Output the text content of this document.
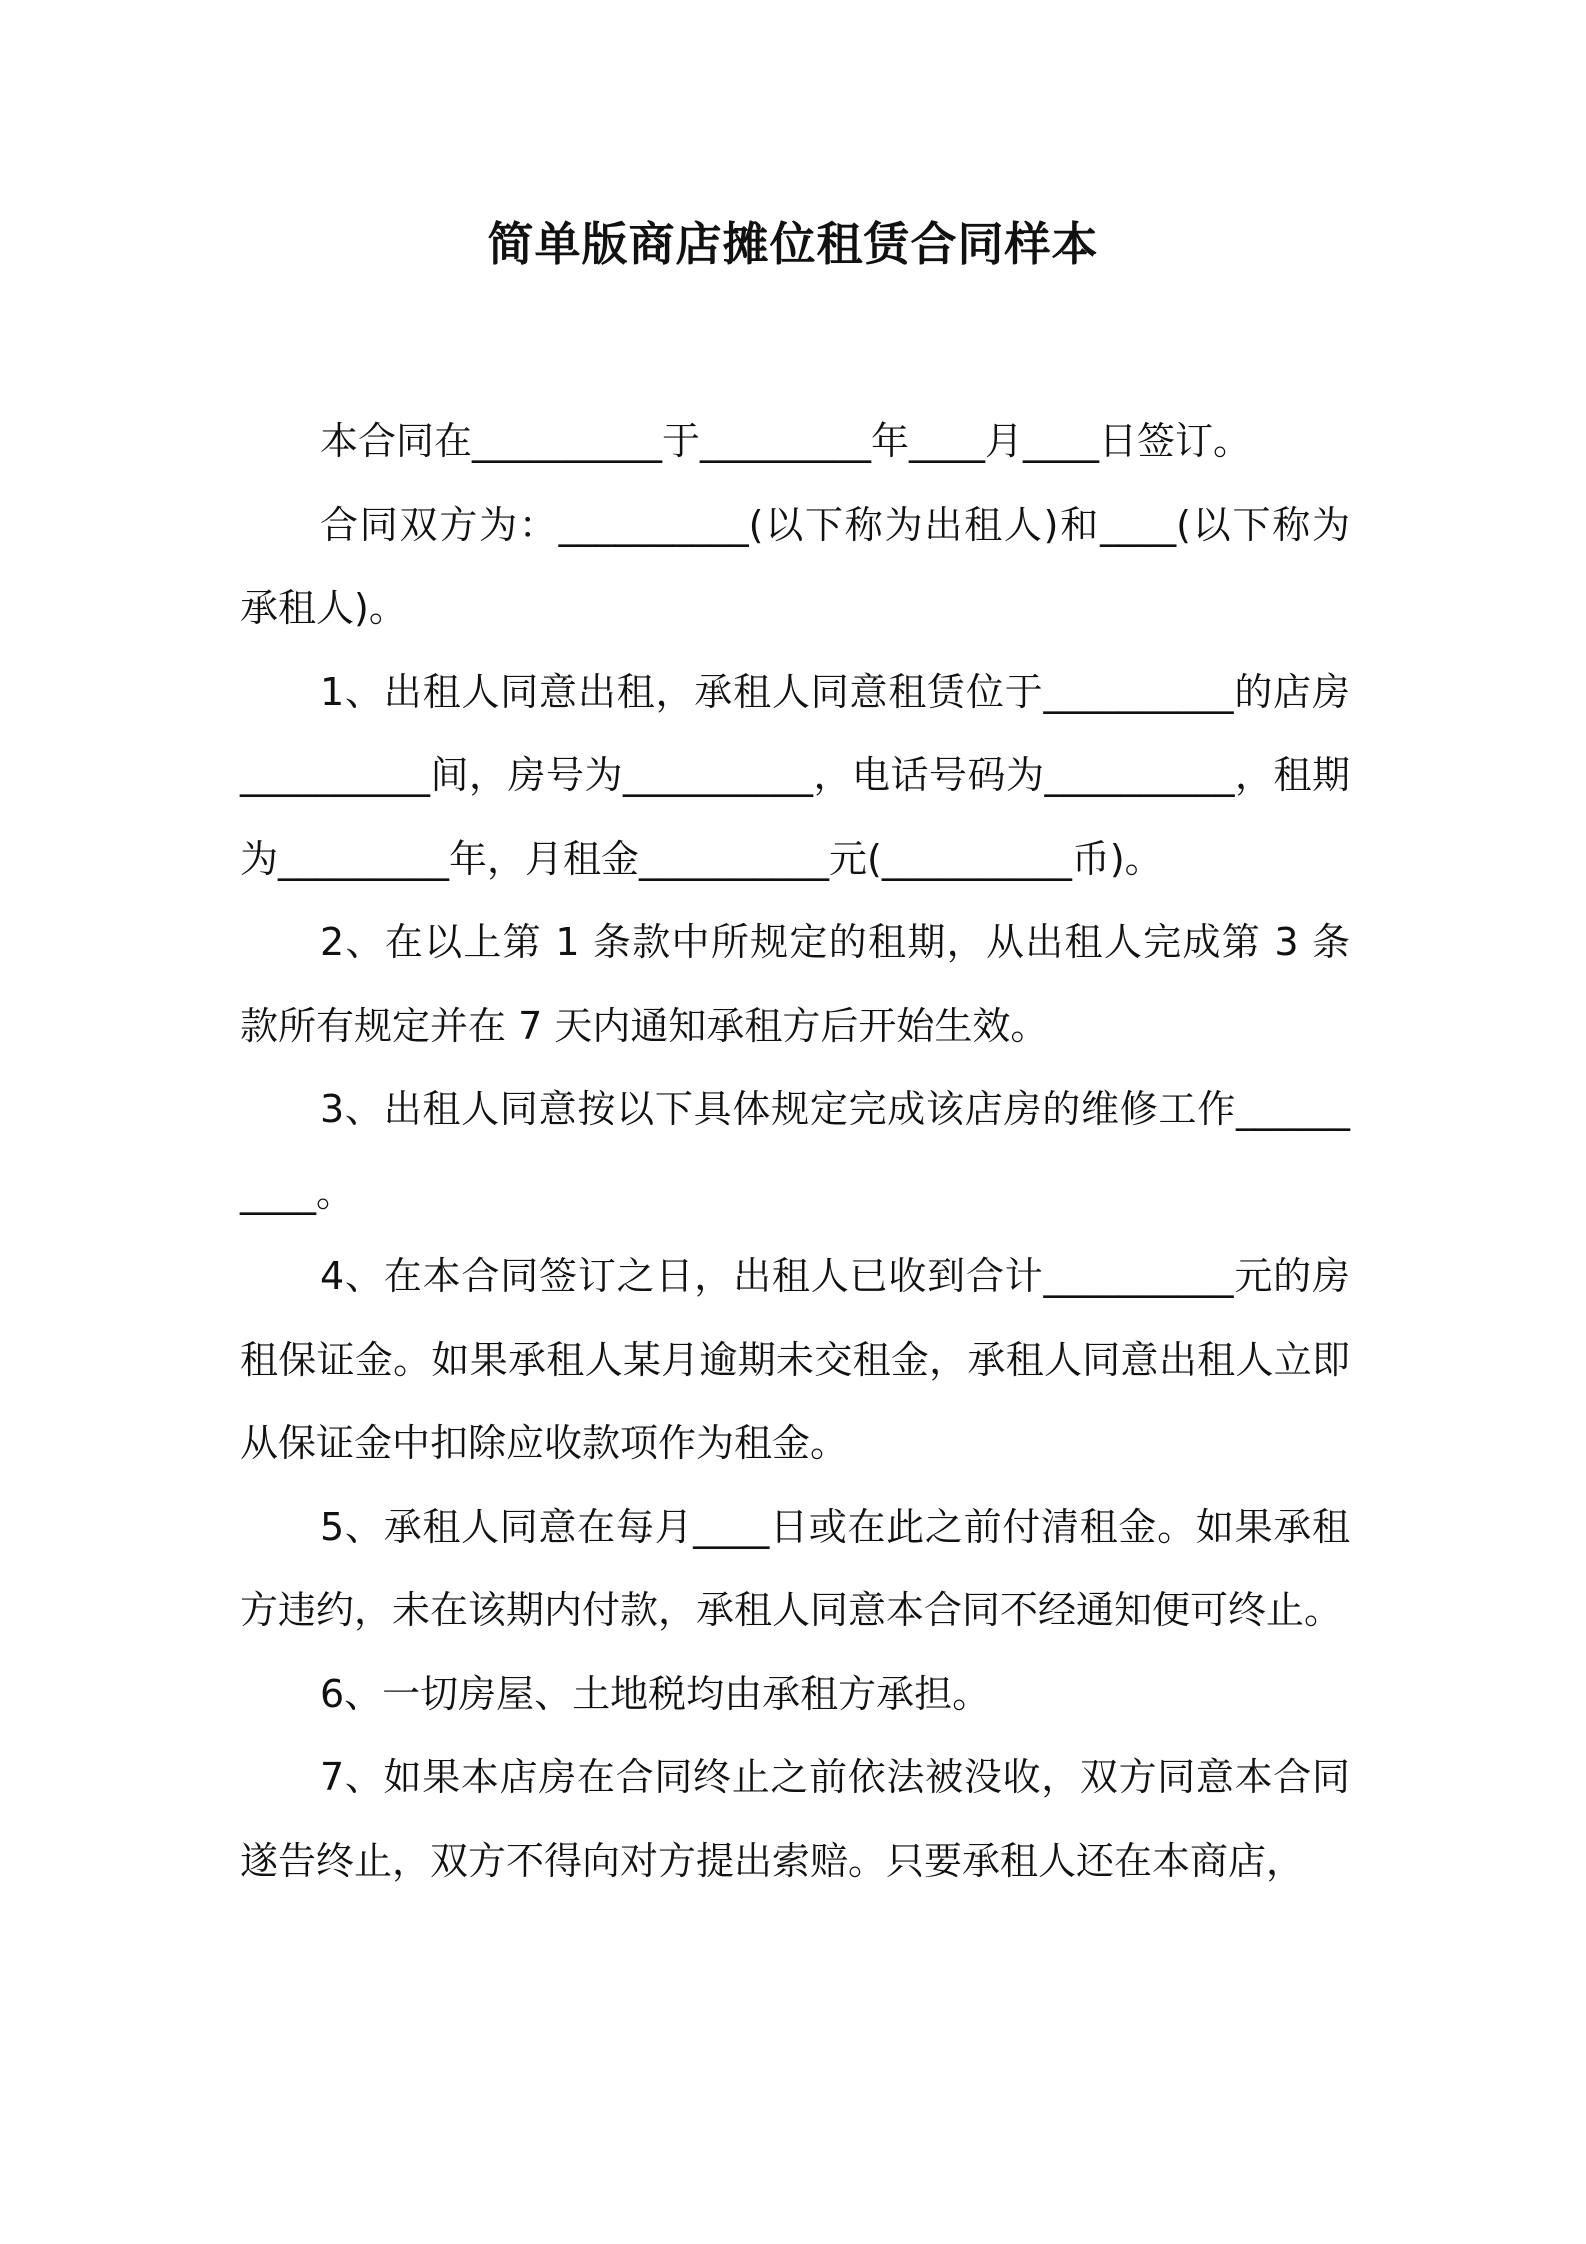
简单版商店摊位租赁合同样本

本合同在__________于_________年____月____日签订。

合同双方为：__________(以下称为出租人)和____(以下称为承租人)。

1、出租人同意出租，承租人同意租赁位于__________的店房__________间，房号为__________，电话号码为__________，租期为_________年，月租金__________元(__________币)。

2、在以上第 1 条款中所规定的租期，从出租人完成第 3 条款所有规定并在 7 天内通知承租方后开始生效。

3、出租人同意按以下具体规定完成该店房的维修工作__________。

4、在本合同签订之日，出租人已收到合计__________元的房租保证金。如果承租人某月逾期未交租金，承租人同意出租人立即从保证金中扣除应收款项作为租金。

5、承租人同意在每月____日或在此之前付清租金。如果承租方违约，未在该期内付款，承租人同意本合同不经通知便可终止。

6、一切房屋、土地税均由承租方承担。

7、如果本店房在合同终止之前依法被没收，双方同意本合同遂告终止，双方不得向对方提出索赔。只要承租人还在本商店，
